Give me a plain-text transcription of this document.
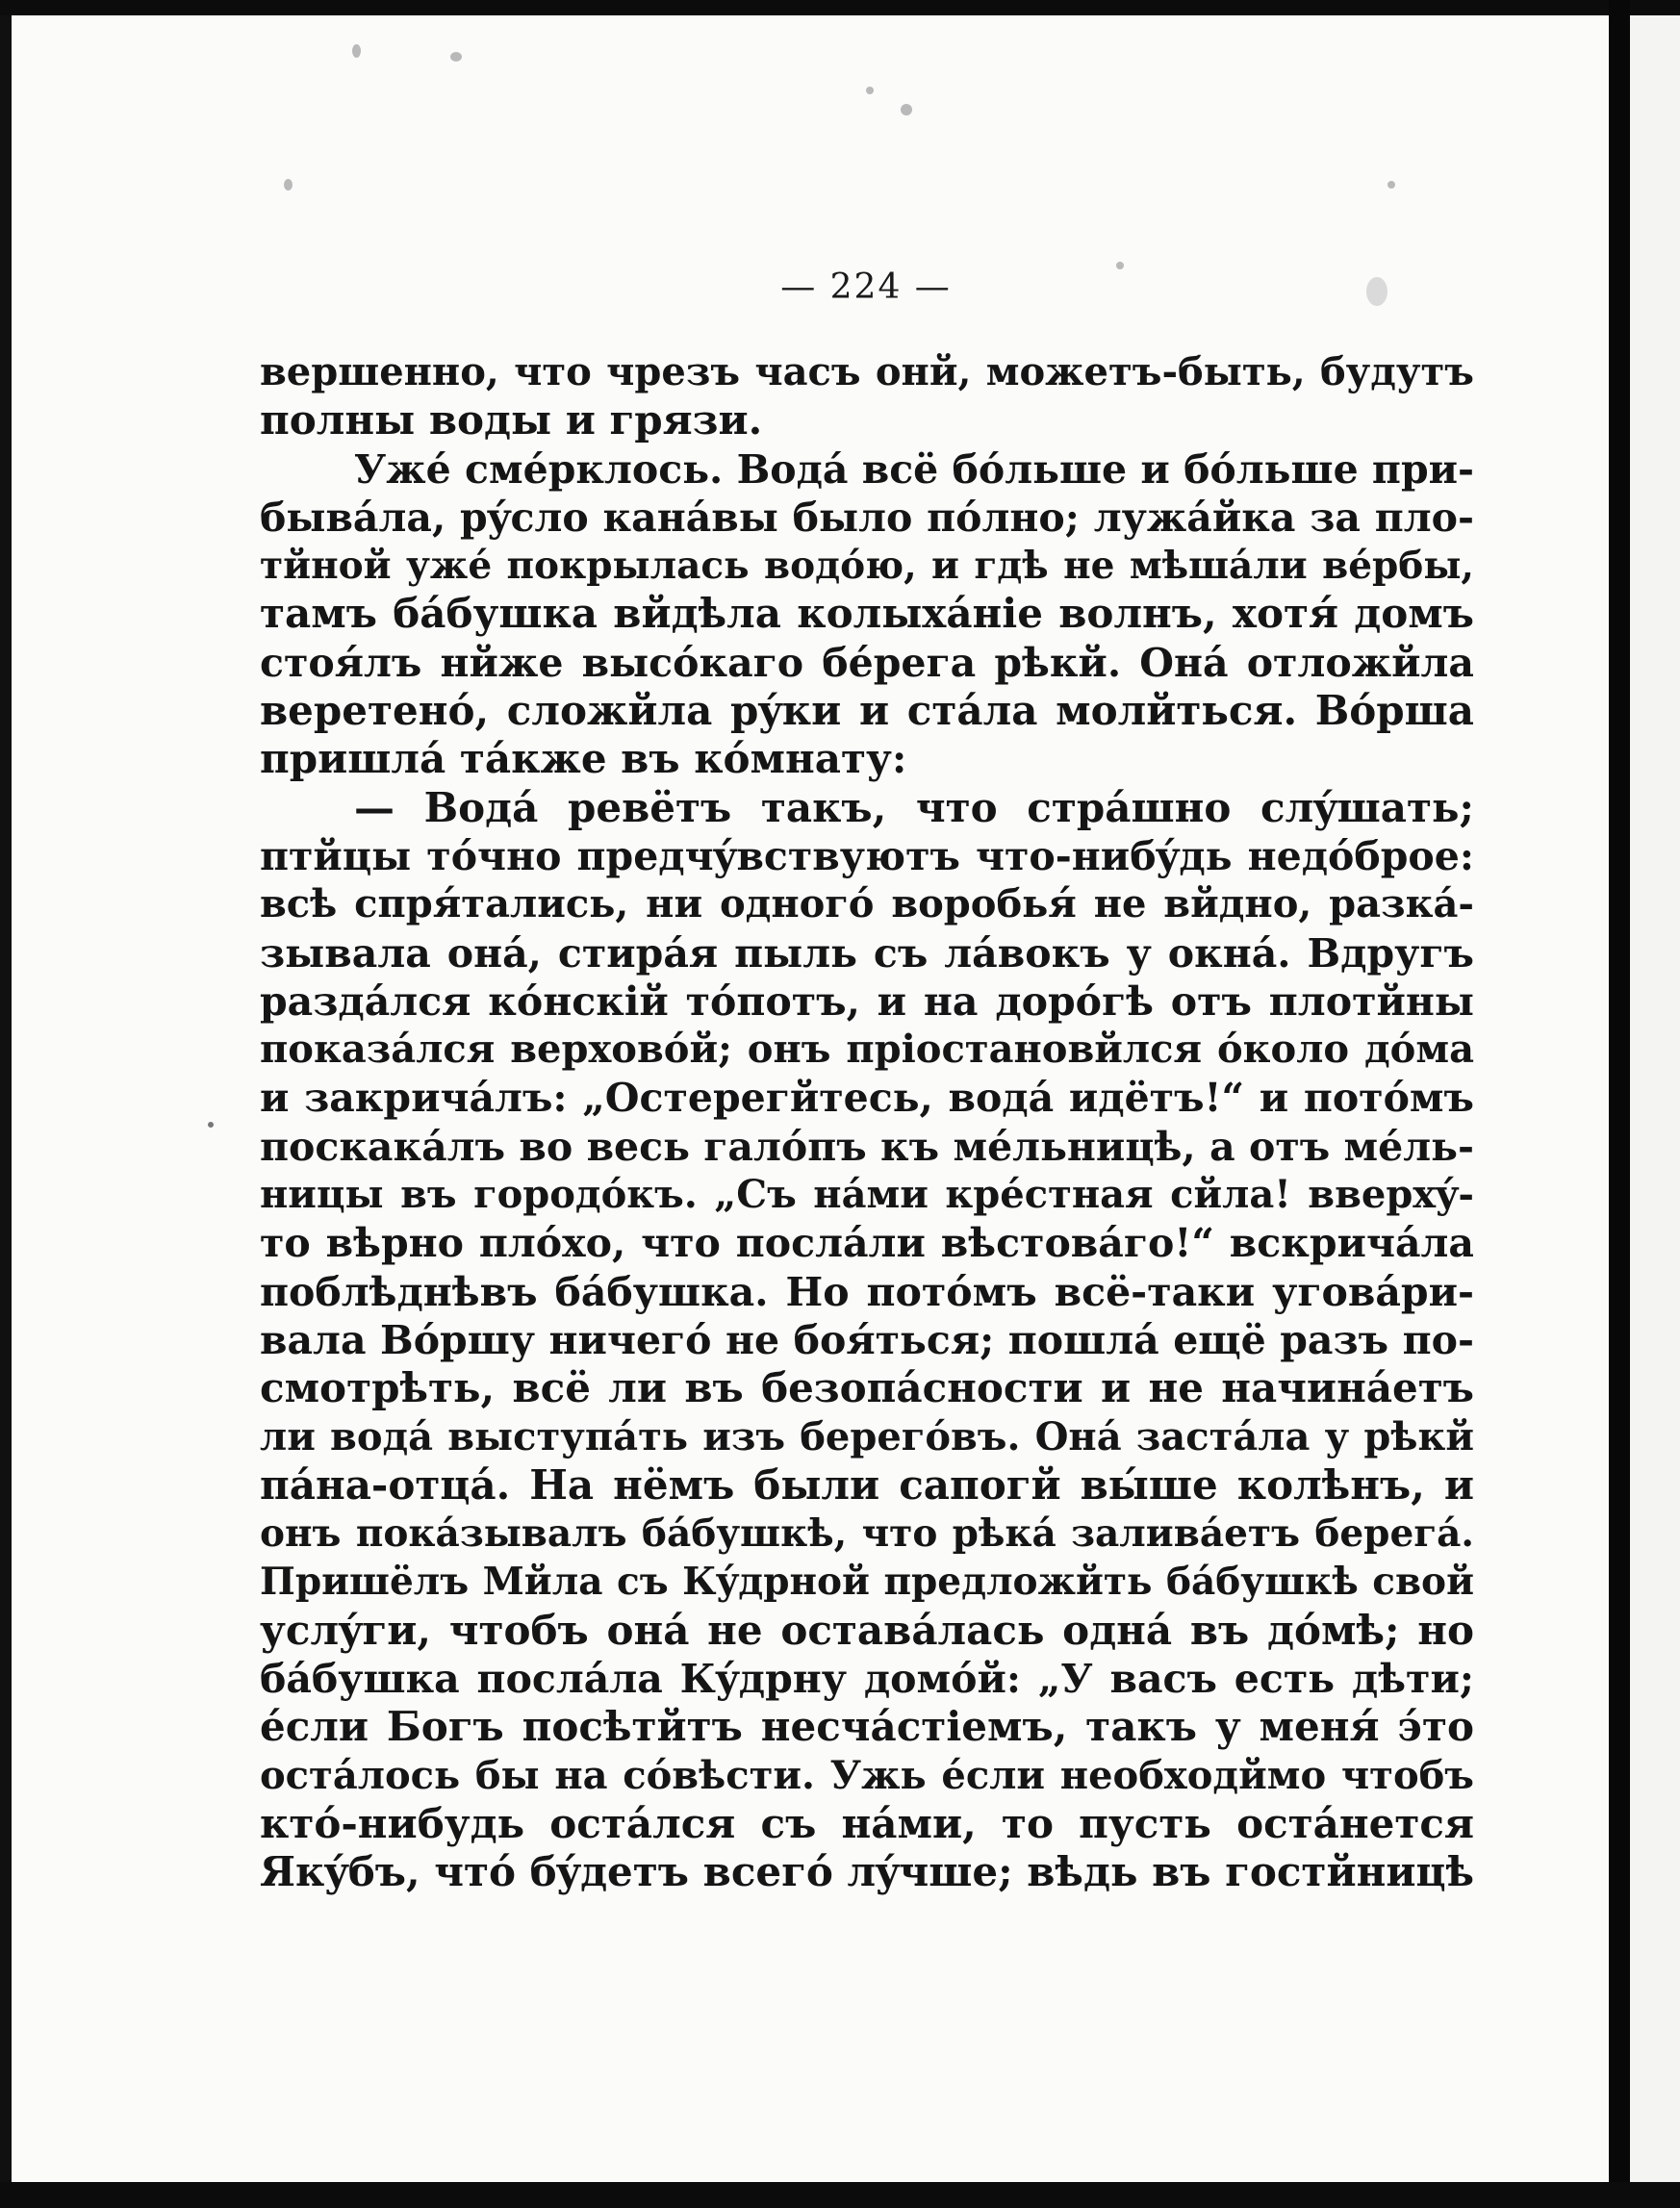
— 224 —
вершенно, что чрезъ часъ онй, можетъ-быть, будутъ
полны воды и грязи.
Ужé смéрклось. Водá всё бóльше и бóльше при-
бывáла, рýсло канáвы было пóлно; лужáйка за пло-
тйной ужé покрылась водóю, и гдѣ не мѣшáли вéрбы,
тамъ бáбушка вйдѣла колыхáніе волнъ, хотя́ домъ
стоя́лъ нйже высóкаго бéрега рѣкй. Онá отложйла
веретенó, сложйла рýки и стáла молйться. Вóрша
пришлá тáкже въ кóмнату:
— Водá ревётъ такъ, что стрáшно слýшать;
птйцы тóчно предчýвствуютъ что-нибýдь недóброе:
всѣ спря́тались, ни одногó воробья́ не вйдно, разкá-
зывала онá, стирáя пыль съ лáвокъ у окнá. Вдругъ
раздáлся кóнскій тóпотъ, и на дорóгѣ отъ плотйны
показáлся верховóй; онъ пріостановйлся óколо дóма
и закричáлъ: „Остерегйтесь, водá идётъ!“ и потóмъ
поскакáлъ во весь галóпъ къ мéльницѣ, а отъ мéль-
ницы въ городóкъ. „Съ нáми крéстная сйла! вверхý-
то вѣрно плóхо, что послáли вѣстовáго!“ вскричáла
поблѣднѣвъ бáбушка. Но потóмъ всё-таки уговáри-
вала Вóршу ничегó не боя́ться; пошлá ещё разъ по-
смотрѣть, всё ли въ безопáсности и не начинáетъ
ли водá выступáть изъ берегóвъ. Онá застáла у рѣкй
пáна-отцá. На нёмъ были сапогй вы́ше колѣнъ, и
онъ покáзывалъ бáбушкѣ, что рѣкá заливáетъ берегá.
Пришёлъ Мйла съ Кýдрной предложйть бáбушкѣ свой
услýги, чтобъ онá не оставáлась однá въ дóмѣ; но
бáбушка послáла Кýдрну домóй: „У васъ есть дѣти;
éсли Богъ посѣтйтъ несчáстіемъ, такъ у меня́ э́то
остáлось бы на сóвѣсти. Ужь éсли необходймо чтобъ
ктó-нибудь остáлся съ нáми, то пусть остáнется
Якýбъ, чтó бýдетъ всегó лýчше; вѣдь въ гостйницѣ
